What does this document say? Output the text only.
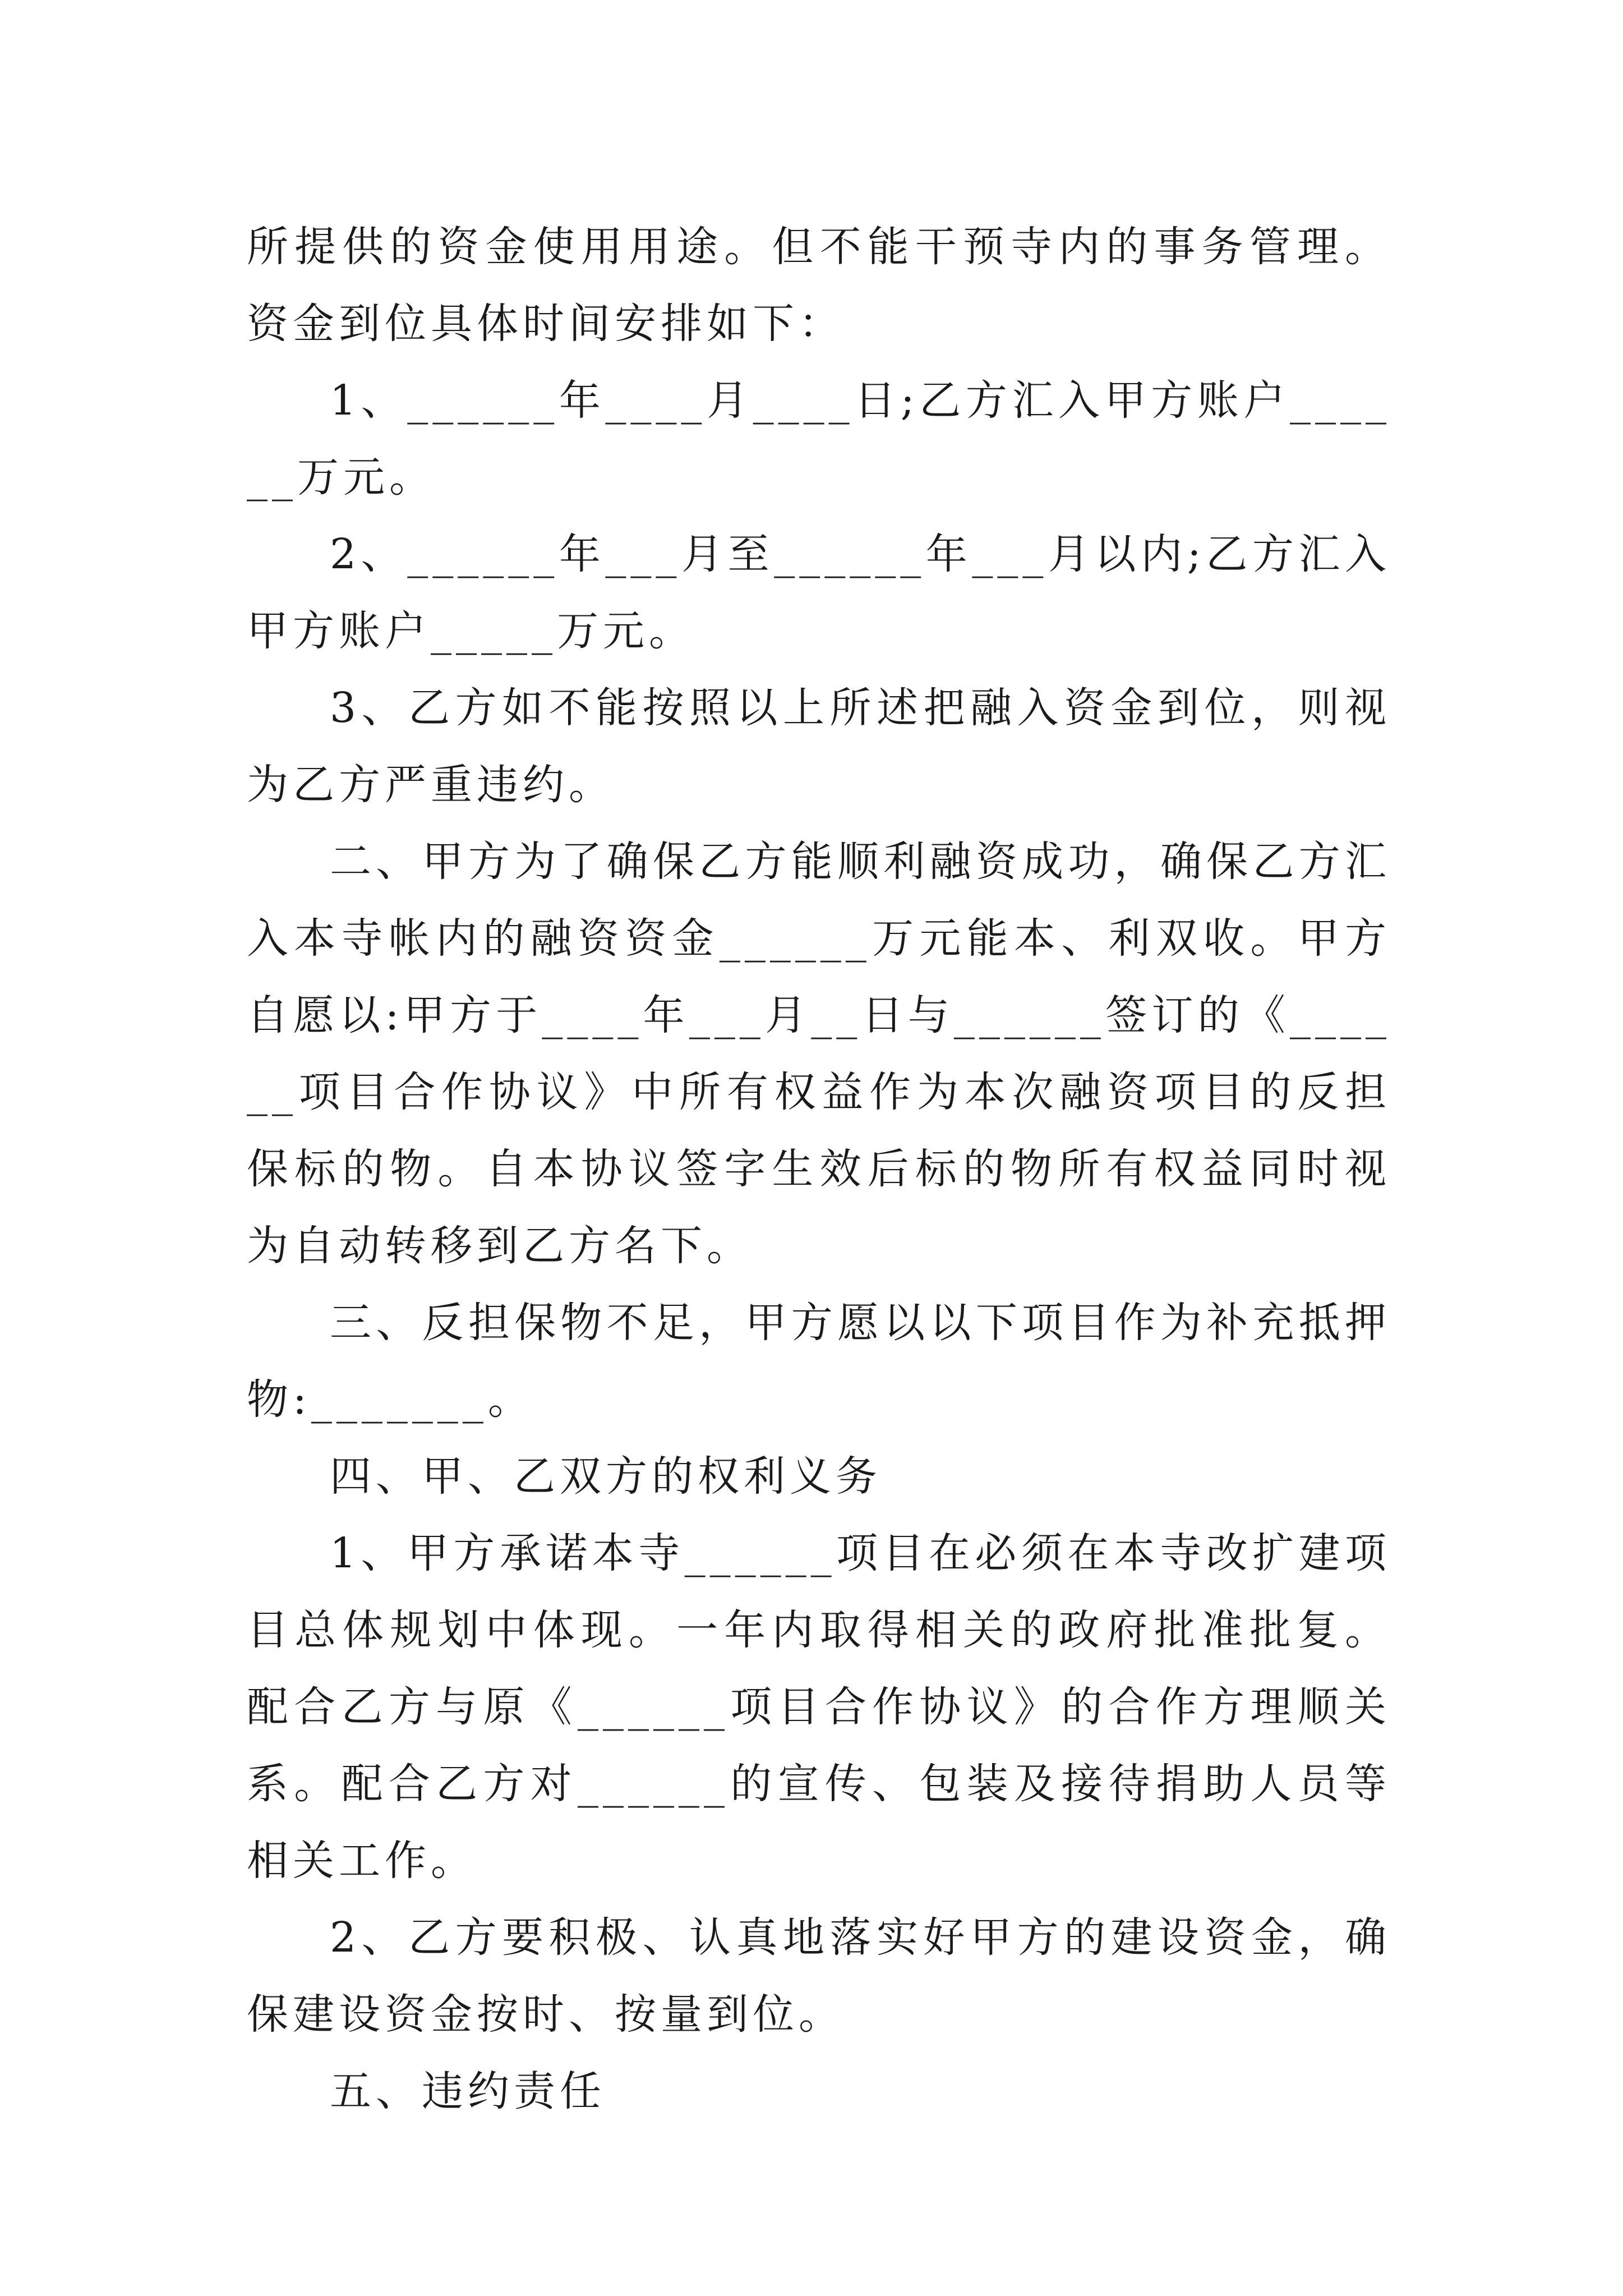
所提供的资金使用用途。但不能干预寺内的事务管理。资金到位具体时间安排如下：

1、______年____月____日;乙方汇入甲方账户______万元。

2、______年___月至______年___月以内;乙方汇入甲方账户_____万元。

3、乙方如不能按照以上所述把融入资金到位，则视为乙方严重违约。

二、甲方为了确保乙方能顺利融资成功，确保乙方汇入本寺帐内的融资资金______万元能本、利双收。甲方自愿以:甲方于____年___月__日与______签订的《______项目合作协议》中所有权益作为本次融资项目的反担保标的物。自本协议签字生效后标的物所有权益同时视为自动转移到乙方名下。

三、反担保物不足，甲方愿以以下项目作为补充抵押物:_______。

四、甲、乙双方的权利义务

1、甲方承诺本寺______项目在必须在本寺改扩建项目总体规划中体现。一年内取得相关的政府批准批复。配合乙方与原《______项目合作协议》的合作方理顺关系。配合乙方对______的宣传、包装及接待捐助人员等相关工作。

2、乙方要积极、认真地落实好甲方的建设资金，确保建设资金按时、按量到位。

五、违约责任
